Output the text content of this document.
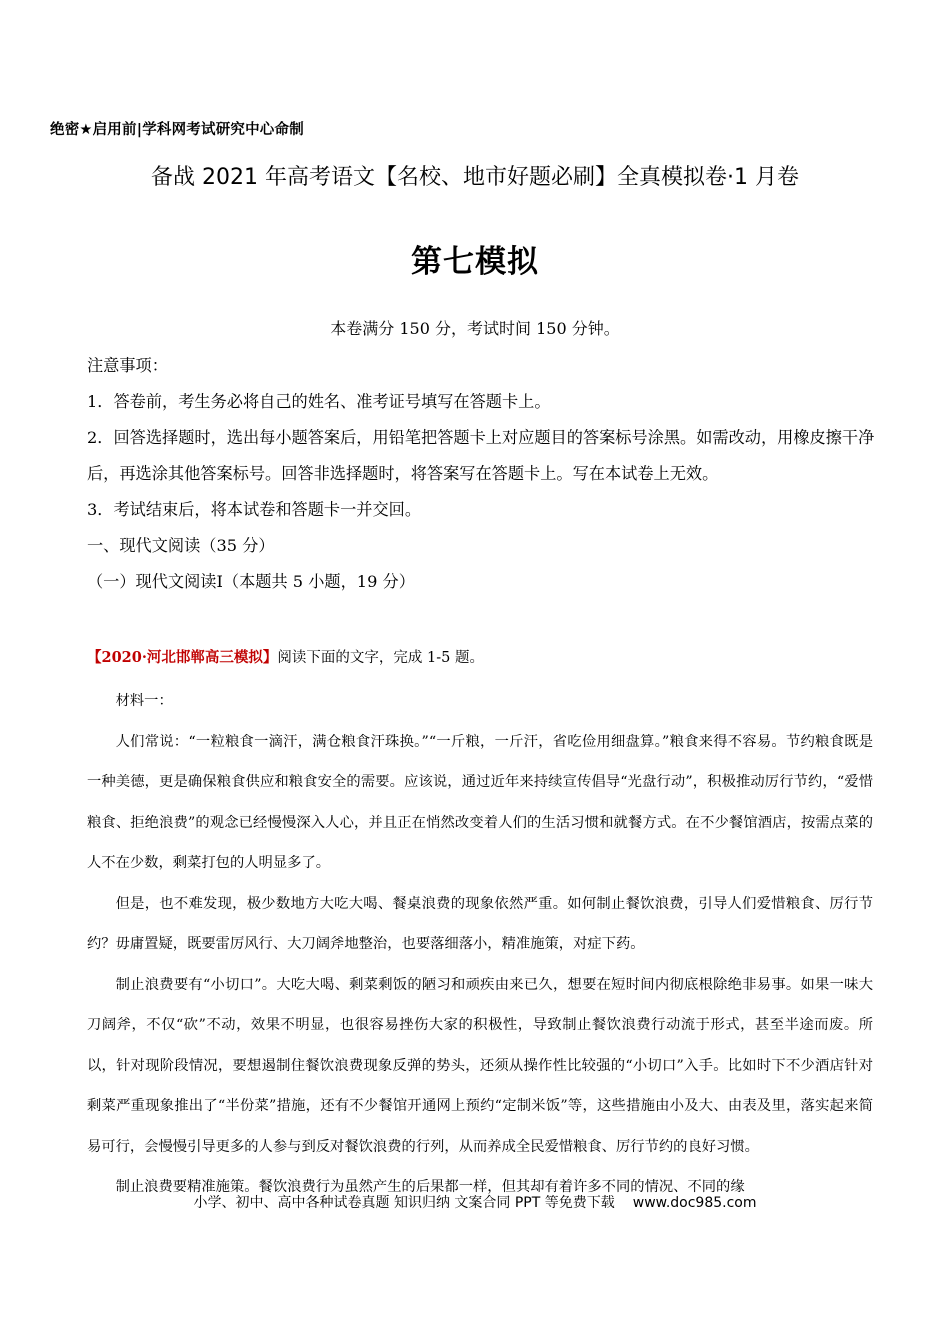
绝密★启用前|学科网考试研究中心命制
备战 2021 年高考语文【名校、地市好题必刷】全真模拟卷·1 月卷
第七模拟
本卷满分 150 分，考试时间 150 分钟。
注意事项：
1．答卷前，考生务必将自己的姓名、准考证号填写在答题卡上。
2．回答选择题时，选出每小题答案后，用铅笔把答题卡上对应题目的答案标号涂黑。如需改动，用橡皮擦干净后，再选涂其他答案标号。回答非选择题时，将答案写在答题卡上。写在本试卷上无效。
3．考试结束后，将本试卷和答题卡一并交回。
一、现代文阅读（35 分）
（一）现代文阅读Ⅰ（本题共 5 小题，19 分）
【2020·河北邯郸高三模拟】阅读下面的文字，完成 1-5 题。

材料一：

人们常说：“一粒粮食一滴汗，满仓粮食汗珠换。”“一斤粮，一斤汗，省吃俭用细盘算。”粮食来得不容易。节约粮食既是一种美德，更是确保粮食供应和粮食安全的需要。应该说，通过近年来持续宣传倡导“光盘行动”，积极推动厉行节约，“爱惜粮食、拒绝浪费”的观念已经慢慢深入人心，并且正在悄然改变着人们的生活习惯和就餐方式。在不少餐馆酒店，按需点菜的人不在少数，剩菜打包的人明显多了。

但是，也不难发现，极少数地方大吃大喝、餐桌浪费的现象依然严重。如何制止餐饮浪费，引导人们爱惜粮食、厉行节约？毋庸置疑，既要雷厉风行、大刀阔斧地整治，也要落细落小，精准施策，对症下药。

制止浪费要有“小切口”。大吃大喝、剩菜剩饭的陋习和顽疾由来已久，想要在短时间内彻底根除绝非易事。如果一味大刀阔斧，不仅“砍”不动，效果不明显，也很容易挫伤大家的积极性，导致制止餐饮浪费行动流于形式，甚至半途而废。所以，针对现阶段情况，要想遏制住餐饮浪费现象反弹的势头，还须从操作性比较强的“小切口”入手。比如时下不少酒店针对剩菜严重现象推出了“半份菜”措施，还有不少餐馆开通网上预约“定制米饭”等，这些措施由小及大、由表及里，落实起来简易可行，会慢慢引导更多的人参与到反对餐饮浪费的行列，从而养成全民爱惜粮食、厉行节约的良好习惯。

制止浪费要精准施策。餐饮浪费行为虽然产生的后果都一样，但其却有着许多不同的情况、不同的缘

小学、初中、高中各种试卷真题 知识归纳 文案合同 PPT 等免费下载 www.doc985.com
